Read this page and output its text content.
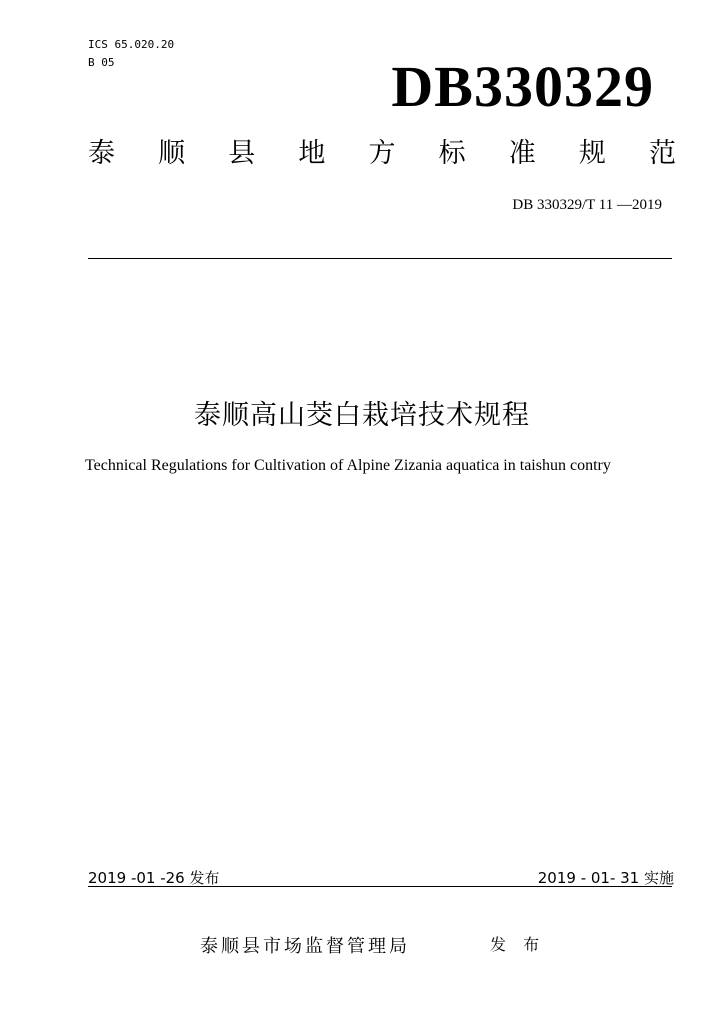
ICS 65.020.20
B 05	DB330329
泰 顺 县 地 方 标 准 规 范
DB 330329/T 11 —2019
泰顺高山茭白栽培技术规程
Technical Regulations for Cultivation of Alpine Zizania aquatica in taishun contry
2019 -01 -26 发布	2019 - 01- 31 实施
泰顺县市场监督管理局	发 布
